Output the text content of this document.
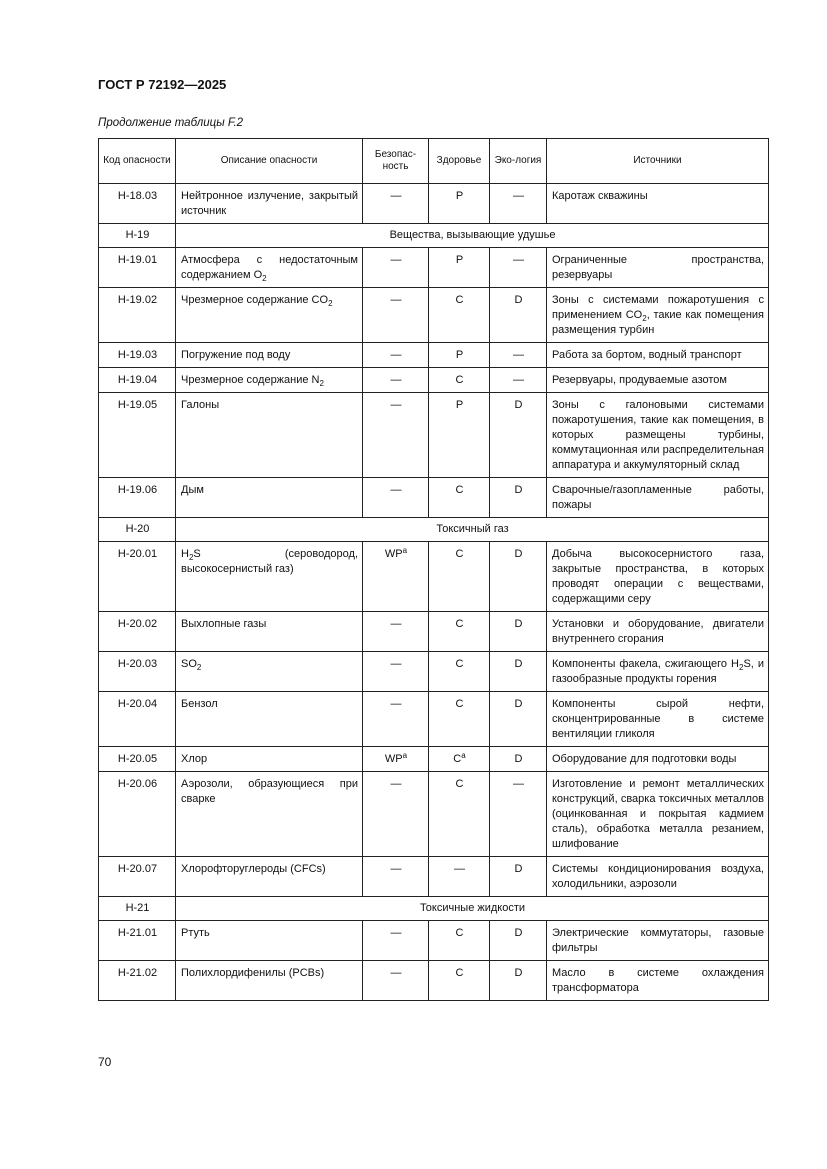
ГОСТ Р 72192—2025
Продолжение таблицы F.2
Код опасности	Описание опасности	Безопас-ность	Здоровье	Эко-логия	Источники
H-18.03	Нейтронное излучение, закрытый источник	—	Р	—	Каротаж скважины
H-19	Вещества, вызывающие удушье				
H-19.01	Атмосфера с недостаточным содержанием $O_2$	—	Р	—	Ограниченные пространства, резервуары
H-19.02	Чрезмерное содержание $CO_2$	—	С	D	Зоны с системами пожаротушения с применением $CO_2$, такие как помещения размещения турбин
H-19.03	Погружение под воду	—	Р	—	Работа за бортом, водный транспорт
H-19.04	Чрезмерное содержание $N_2$	—	С	—	Резервуары, продуваемые азотом
H-19.05	Галоны	—	Р	D	Зоны с галоновыми системами пожаротушения, такие как помещения, в которых размещены турбины, коммутационная или распределительная аппаратура и аккумуляторный склад
H-19.06	Дым	—	С	D	Сварочные/газопламенные работы, пожары
H-20	Токсичный газ				
H-20.01	$H_2S$ (сероводород, высокосернистый газ)	$WP^a$	С	D	Добыча высокосернистого газа, закрытые пространства, в которых проводят операции с веществами, содержащими серу
H-20.02	Выхлопные газы	—	С	D	Установки и оборудование, двигатели внутреннего сгорания
H-20.03	$SO_2$	—	С	D	Компоненты факела, сжигающего $H_2S$, и газообразные продукты горения
H-20.04	Бензол	—	С	D	Компоненты сырой нефти, сконцентрированные в системе вентиляции гликоля
H-20.05	Хлор	$WP^a$	$С^a$	D	Оборудование для подготовки воды
H-20.06	Аэрозоли, образующиеся при сварке	—	С	—	Изготовление и ремонт металлических конструкций, сварка токсичных металлов (оцинкованная и покрытая кадмием сталь), обработка металла резанием, шлифование
H-20.07	Хлорофторуглероды (CFCs)	—	—	D	Системы кондиционирования воздуха, холодильники, аэрозоли
H-21	Токсичные жидкости				
H-21.01	Ртуть	—	С	D	Электрические коммутаторы, газовые фильтры
H-21.02	Полихлордифенилы (PCBs)	—	С	D	Масло в системе охлаждения трансформатора
70
